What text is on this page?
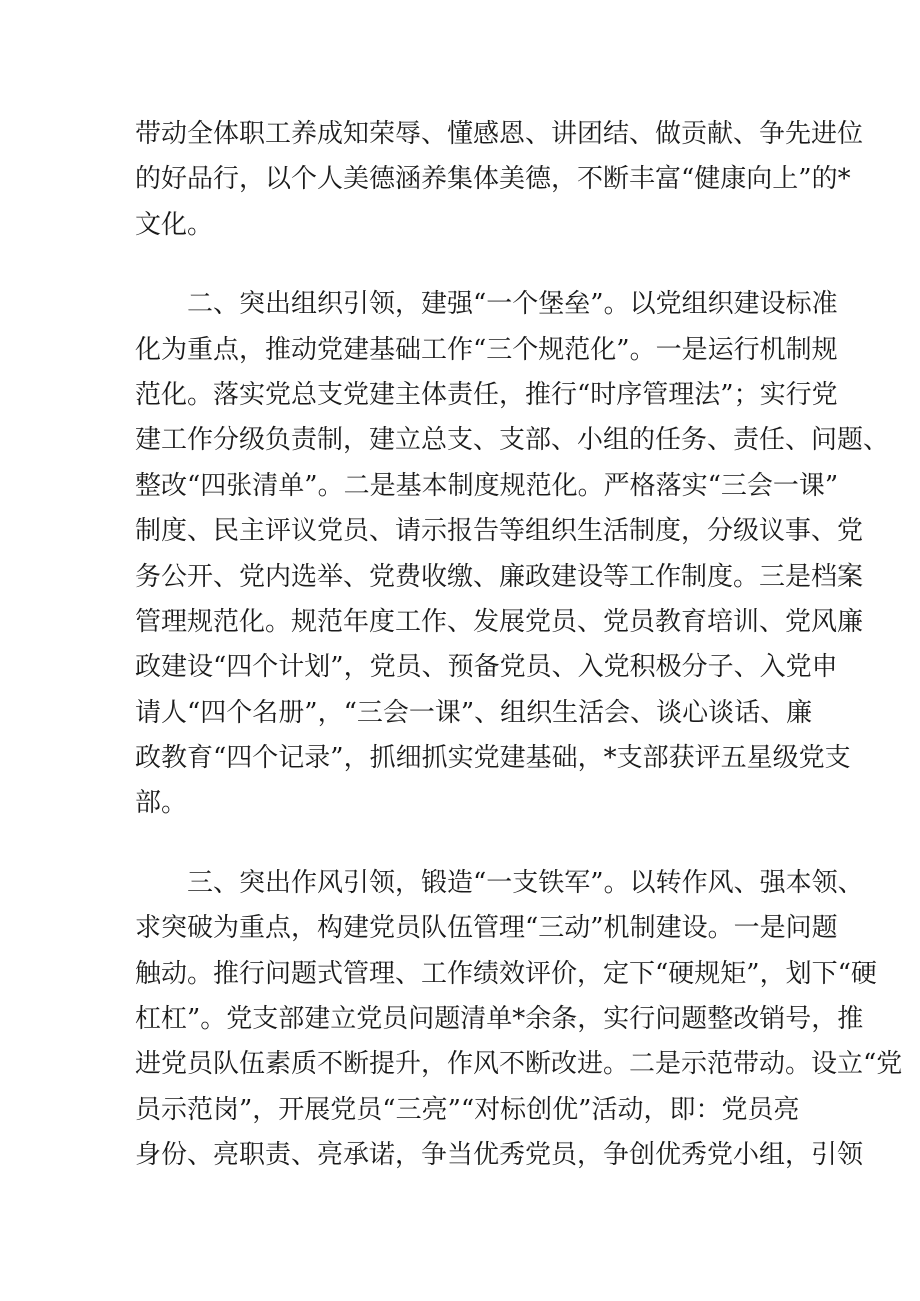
带动全体职工养成知荣辱、懂感恩、讲团结、做贡献、争先进位
的好品行，以个人美德涵养集体美德，不断丰富“健康向上”的*
文化。
　　二、突出组织引领，建强“一个堡垒”。以党组织建设标准
化为重点，推动党建基础工作“三个规范化”。一是运行机制规
范化。落实党总支党建主体责任，推行“时序管理法”；实行党
建工作分级负责制，建立总支、支部、小组的任务、责任、问题、
整改“四张清单”。二是基本制度规范化。严格落实“三会一课”
制度、民主评议党员、请示报告等组织生活制度，分级议事、党
务公开、党内选举、党费收缴、廉政建设等工作制度。三是档案
管理规范化。规范年度工作、发展党员、党员教育培训、党风廉
政建设“四个计划”，党员、预备党员、入党积极分子、入党申
请人“四个名册”，“三会一课”、组织生活会、谈心谈话、廉
政教育“四个记录”，抓细抓实党建基础，*支部获评五星级党支
部。
　　三、突出作风引领，锻造“一支铁军”。以转作风、强本领、
求突破为重点，构建党员队伍管理“三动”机制建设。一是问题
触动。推行问题式管理、工作绩效评价，定下“硬规矩”，划下“硬
杠杠”。党支部建立党员问题清单*余条，实行问题整改销号，推
进党员队伍素质不断提升，作风不断改进。二是示范带动。设立“党
员示范岗”，开展党员“三亮”“对标创优”活动，即：党员亮
身份、亮职责、亮承诺，争当优秀党员，争创优秀党小组，引领
